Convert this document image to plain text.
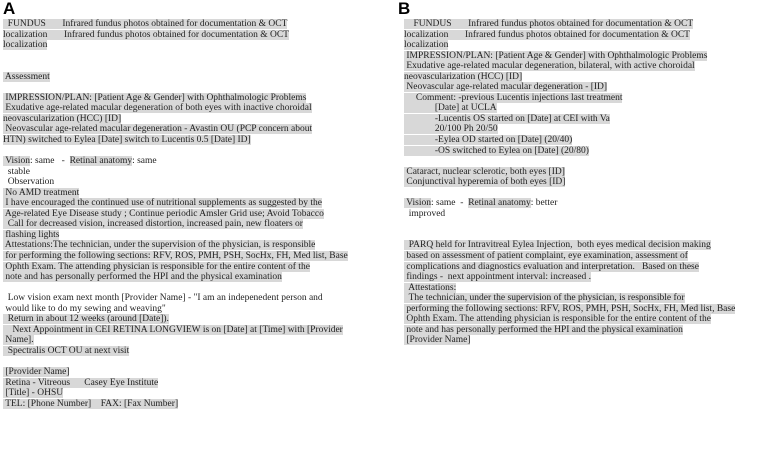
A
FUNDUS       Infrared fundus photos obtained for documentation & OCT
localization       Infrared fundus photos obtained for documentation & OCT
localization
Assessment
IMPRESSION/PLAN: [Patient Age & Gender] with Ophthalmologic Problems
Exudative age-related macular degeneration of both eyes with inactive choroidal
neovascularization (HCC) [ID]
Neovascular age-related macular degeneration - Avastin OU (PCP concern about
HTN) switched to Eylea [Date] switch to Lucentis 0.5 [Date] ID]
Vision: same   -  Retinal anatomy: same
stable
Observation
No AMD treatment
I have encouraged the continued use of nutritional supplements as suggested by the
Age-related Eye Disease study ; Continue periodic Amsler Grid use; Avoid Tobacco
Call for decreased vision, increased distortion, increased pain, new floaters or
flashing lights
Attestations:The technician, under the supervision of the physician, is responsible
for performing the following sections: RFV, ROS, PMH, PSH, SocHx, FH, Med list, Base
Ophth Exam. The attending physician is responsible for the entire content of the
note and has personally performed the HPI and the physical examination
Low vision exam next month [Provider Name] - "I am an indepenedent person and
would like to do my sewing and weaving"
Return in about 12 weeks (around [Date]).
Next Appointment in CEI RETINA LONGVIEW is on [Date] at [Time] with [Provider
Name].
Spectralis OCT OU at next visit
[Provider Name]
Retina - Vitreous      Casey Eye Institute
[Title] - OHSU
TEL: [Phone Number]    FAX: [Fax Number]
B
FUNDUS       Infrared fundus photos obtained for documentation & OCT
localization       Infrared fundus photos obtained for documentation & OCT
localization
IMPRESSION/PLAN: [Patient Age & Gender] with Ophthalmologic Problems
Exudative age-related macular degeneration, bilateral, with active choroidal
neovascularization (HCC) [ID]
Neovascular age-related macular degeneration - [ID]
Comment: -previous Lucentis injections last treatment
[Date] at UCLA
-Lucentis OS started on [Date] at CEI with Va
20/100 Ph 20/50
-Eylea OD started on [Date] (20/40)
-OS switched to Eylea on [Date] (20/80)
Cataract, nuclear sclerotic, both eyes [ID]
Conjunctival hyperemia of both eyes [ID]
Vision: same  -  Retinal anatomy: better
improved
PARQ held for Intravitreal Eylea Injection,  both eyes medical decision making
based on assessment of patient complaint, eye examination, assessment of
complications and diagnostics evaluation and interpretation.   Based on these
findings -  next appointment interval: increased .
Attestations:
The technician, under the supervision of the physician, is responsible for
performing the following sections: RFV, ROS, PMH, PSH, SocHx, FH, Med list, Base
Ophth Exam. The attending physician is responsible for the entire content of the
note and has personally performed the HPI and the physical examination
[Provider Name]
